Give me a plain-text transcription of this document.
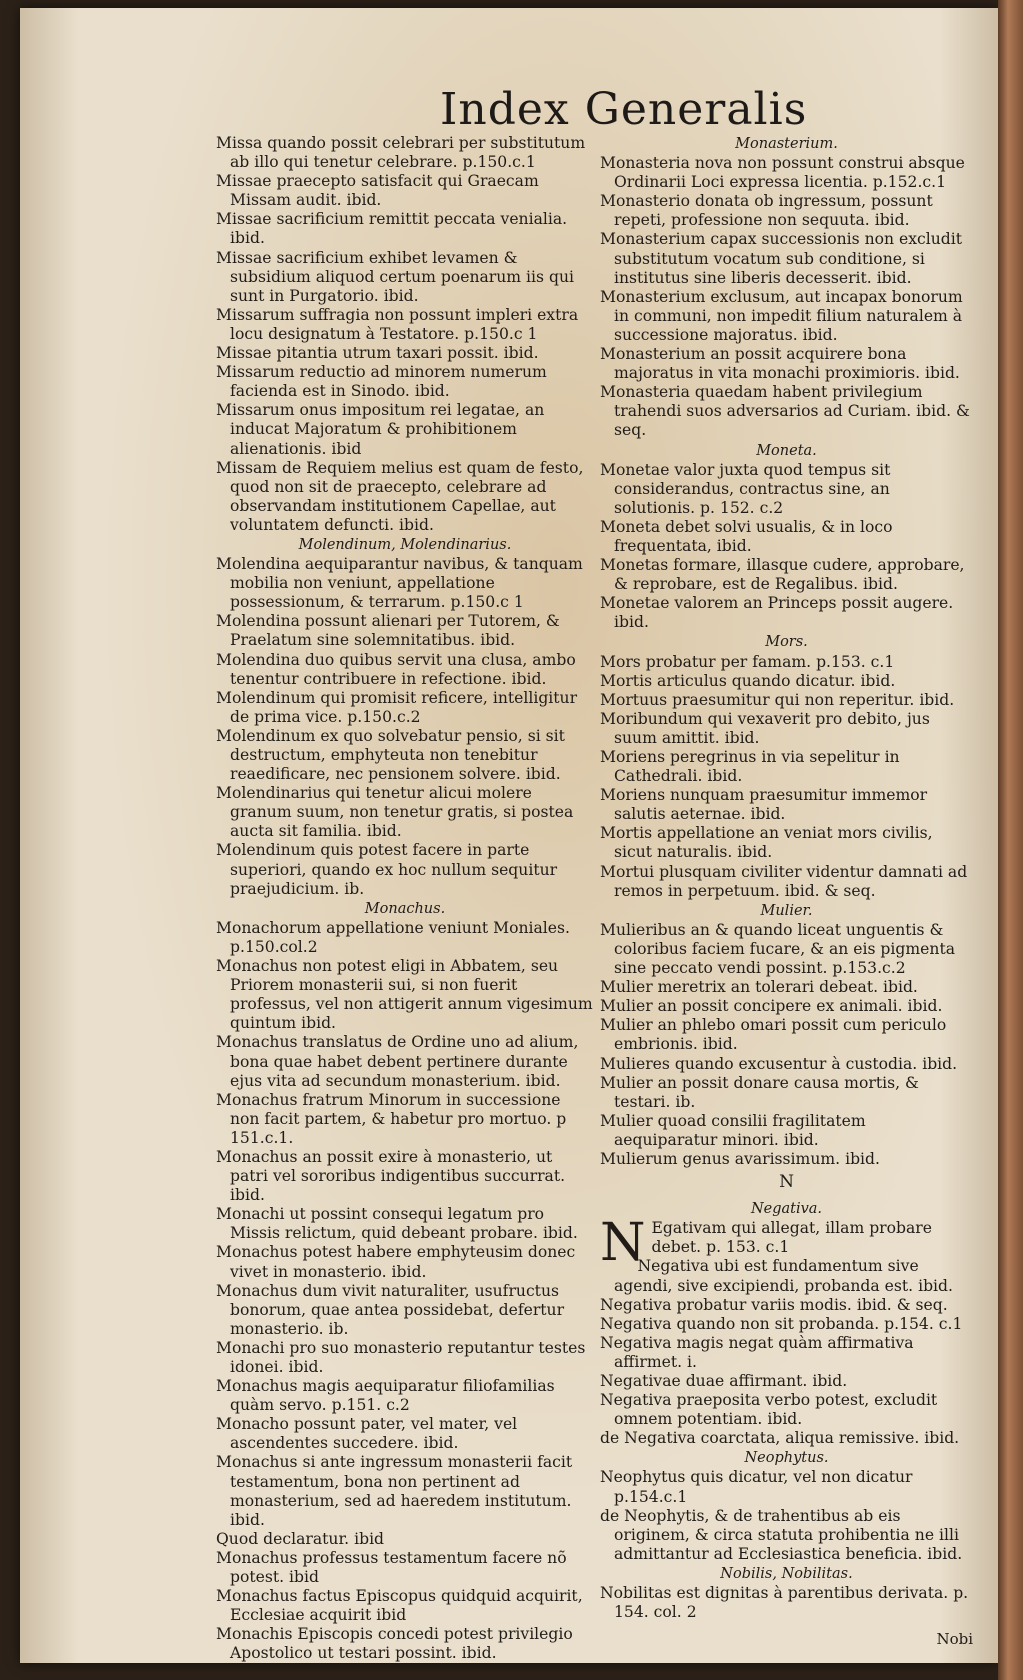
Index Generalis

Missa quando possit celebrari per substitutum ab illo qui tenetur celebrare. p.150.c.1

Missae praecepto satisfacit qui Graecam Missam audit. ibid.

Missae sacrificium remittit peccata venialia. ibid.

Missae sacrificium exhibet levamen & subsidium aliquod certum poenarum iis qui sunt in Purgatorio. ibid.

Missarum suffragia non possunt impleri extra locu designatum à Testatore. p.150.c 1

Missae pitantia utrum taxari possit. ibid.

Missarum reductio ad minorem numerum facienda est in Sinodo. ibid.

Missarum onus impositum rei legatae, an inducat Majoratum & prohibitionem alienationis. ibid

Missam de Requiem melius est quam de festo, quod non sit de praecepto, celebrare ad observandam institutionem Capellae, aut voluntatem defuncti. ibid.

Molendinum, Molendinarius.

Molendina aequiparantur navibus, & tanquam mobilia non veniunt, appellatione possessionum, & terrarum. p.150.c 1

Molendina possunt alienari per Tutorem, & Praelatum sine solemnitatibus. ibid.

Molendina duo quibus servit una clusa, ambo tenentur contribuere in refectione. ibid.

Molendinum qui promisit reficere, intelligitur de prima vice. p.150.c.2

Molendinum ex quo solvebatur pensio, si sit destructum, emphyteuta non tenebitur reaedificare, nec pensionem solvere. ibid.

Molendinarius qui tenetur alicui molere granum suum, non tenetur gratis, si postea aucta sit familia. ibid.

Molendinum quis potest facere in parte superiori, quando ex hoc nullum sequitur praejudicium. ib.

Monachus.

Monachorum appellatione veniunt Moniales. p.150.col.2

Monachus non potest eligi in Abbatem, seu Priorem monasterii sui, si non fuerit professus, vel non attigerit annum vigesimum quintum ibid.

Monachus translatus de Ordine uno ad alium, bona quae habet debent pertinere durante ejus vita ad secundum monasterium. ibid.

Monachus fratrum Minorum in successione non facit partem, & habetur pro mortuo. p 151.c.1.

Monachus an possit exire à monasterio, ut patri vel sororibus indigentibus succurrat. ibid.

Monachi ut possint consequi legatum pro Missis relictum, quid debeant probare. ibid.

Monachus potest habere emphyteusim donec vivet in monasterio. ibid.

Monachus dum vivit naturaliter, usufructus bonorum, quae antea possidebat, defertur monasterio. ib.

Monachi pro suo monasterio reputantur testes idonei. ibid.

Monachus magis aequiparatur filiofamilias quàm servo. p.151. c.2

Monacho possunt pater, vel mater, vel ascendentes succedere. ibid.

Monachus si ante ingressum monasterii facit testamentum, bona non pertinent ad monasterium, sed ad haeredem institutum. ibid.

Quod declaratur. ibid

Monachus professus testamentum facere nõ potest. ibid

Monachus factus Episcopus quidquid acquirit, Ecclesiae acquirit ibid

Monachis Episcopis concedi potest privilegio Apostolico ut testari possint. ibid.

Monasterium.

Monasteria nova non possunt construi absque Ordinarii Loci expressa licentia. p.152.c.1

Monasterio donata ob ingressum, possunt repeti, professione non sequuta. ibid.

Monasterium capax successionis non excludit substitutum vocatum sub conditione, si institutus sine liberis decesserit. ibid.

Monasterium exclusum, aut incapax bonorum in communi, non impedit filium naturalem à successione majoratus. ibid.

Monasterium an possit acquirere bona majoratus in vita monachi proximioris. ibid.

Monasteria quaedam habent privilegium trahendi suos adversarios ad Curiam. ibid. & seq.

Moneta.

Monetae valor juxta quod tempus sit considerandus, contractus sine, an solutionis. p. 152. c.2

Moneta debet solvi usualis, & in loco frequentata, ibid.

Monetas formare, illasque cudere, approbare, & reprobare, est de Regalibus. ibid.

Monetae valorem an Princeps possit augere. ibid.

Mors.

Mors probatur per famam. p.153. c.1

Mortis articulus quando dicatur. ibid.

Mortuus praesumitur qui non reperitur. ibid.

Moribundum qui vexaverit pro debito, jus suum amittit. ibid.

Moriens peregrinus in via sepelitur in Cathedrali. ibid.

Moriens nunquam praesumitur immemor salutis aeternae. ibid.

Mortis appellatione an veniat mors civilis, sicut naturalis. ibid.

Mortui plusquam civiliter videntur damnati ad remos in perpetuum. ibid. & seq.

Mulier.

Mulieribus an & quando liceat unguentis & coloribus faciem fucare, & an eis pigmenta sine peccato vendi possint. p.153.c.2

Mulier meretrix an tolerari debeat. ibid.

Mulier an possit concipere ex animali. ibid.

Mulier an phlebo omari possit cum periculo embrionis. ibid.

Mulieres quando excusentur à custodia. ibid.

Mulier an possit donare causa mortis, & testari. ib.

Mulier quoad consilii fragilitatem aequiparatur minori. ibid.

Mulierum genus avarissimum. ibid.

N

Negativa.

N Egativam qui allegat, illam probare debet. p. 153. c.1

Negativa ubi est fundamentum sive agendi, sive excipiendi, probanda est. ibid.

Negativa probatur variis modis. ibid. & seq.

Negativa quando non sit probanda. p.154. c.1

Negativa magis negat quàm affirmativa affirmet. i.

Negativae duae affirmant. ibid.

Negativa praeposita verbo potest, excludit omnem potentiam. ibid.

de Negativa coarctata, aliqua remissive. ibid.

Neophytus.

Neophytus quis dicatur, vel non dicatur p.154.c.1

de Neophytis, & de trahentibus ab eis originem, & circa statuta prohibentia ne illi admittantur ad Ecclesiastica beneficia. ibid.

Nobilis, Nobilitas.

Nobilitas est dignitas à parentibus derivata. p. 154. col. 2

Nobi
